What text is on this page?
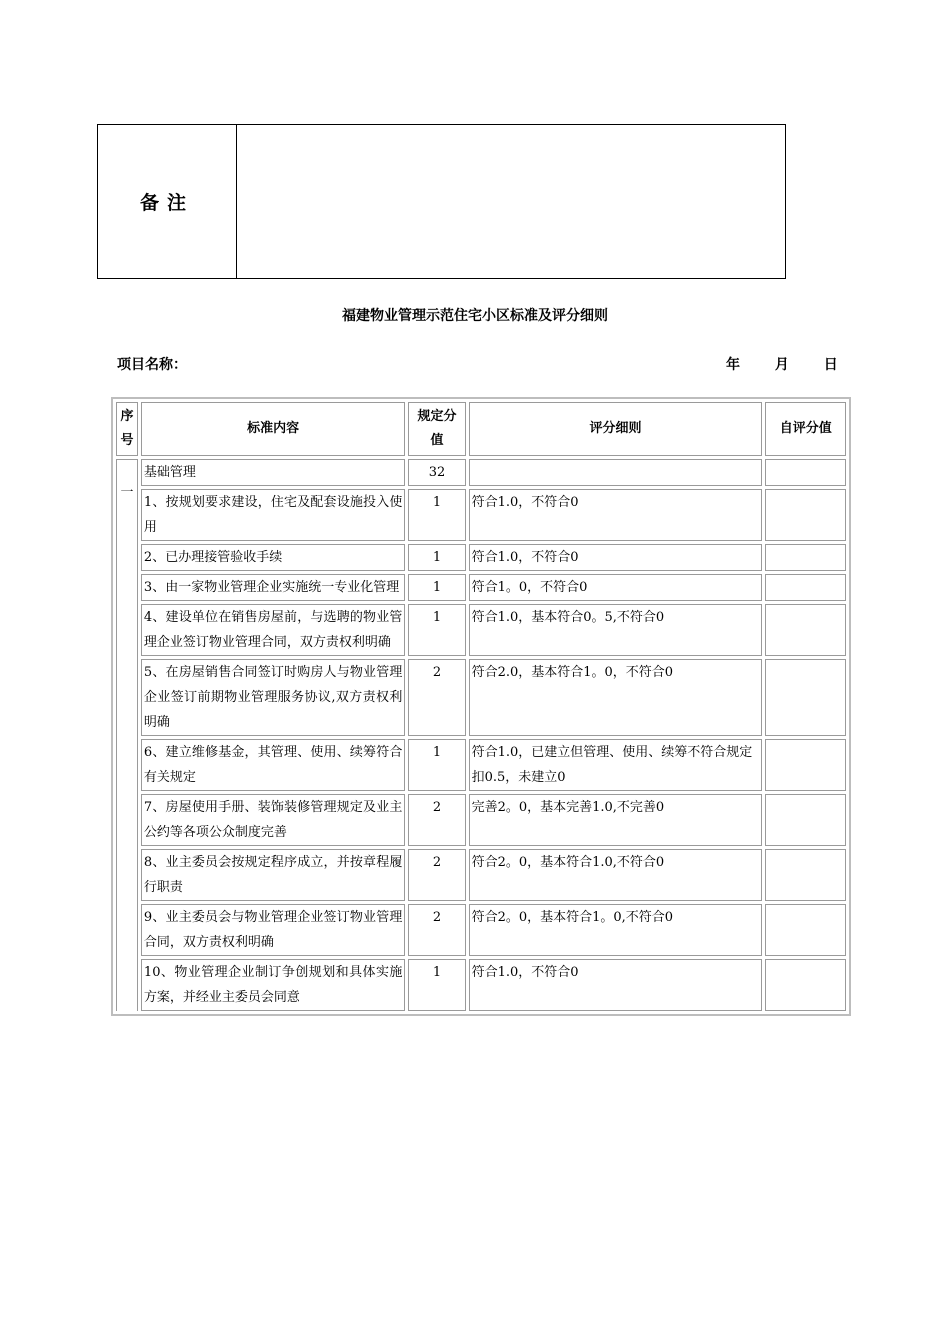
备注
福建物业管理示范住宅小区标准及评分细则
项目名称：	年 月 日
序号	标准内容	规定分值	评分细则	自评分值
一	基础管理	32		
	1、按规划要求建设，住宅及配套设施投入使用	1	符合1.0，不符合0	
	2、已办理接管验收手续	1	符合1.0，不符合0	
	3、由一家物业管理企业实施统一专业化管理	1	符合1。0，不符合0	
	4、建设单位在销售房屋前，与选聘的物业管理企业签订物业管理合同，双方责权利明确	1	符合1.0，基本符合0。5,不符合0	
	5、在房屋销售合同签订时购房人与物业管理企业签订前期物业管理服务协议,双方责权利明确	2	符合2.0，基本符合1。0，不符合0	
	6、建立维修基金，其管理、使用、续筹符合有关规定	1	符合1.0，已建立但管理、使用、续筹不符合规定扣0.5，未建立0	
	7、房屋使用手册、装饰装修管理规定及业主公约等各项公众制度完善	2	完善2。0，基本完善1.0,不完善0	
	8、业主委员会按规定程序成立，并按章程履行职责	2	符合2。0，基本符合1.0,不符合0	
	9、业主委员会与物业管理企业签订物业管理合同，双方责权利明确	2	符合2。0，基本符合1。0,不符合0	
	10、物业管理企业制订争创规划和具体实施方案，并经业主委员会同意	1	符合1.0，不符合0	
